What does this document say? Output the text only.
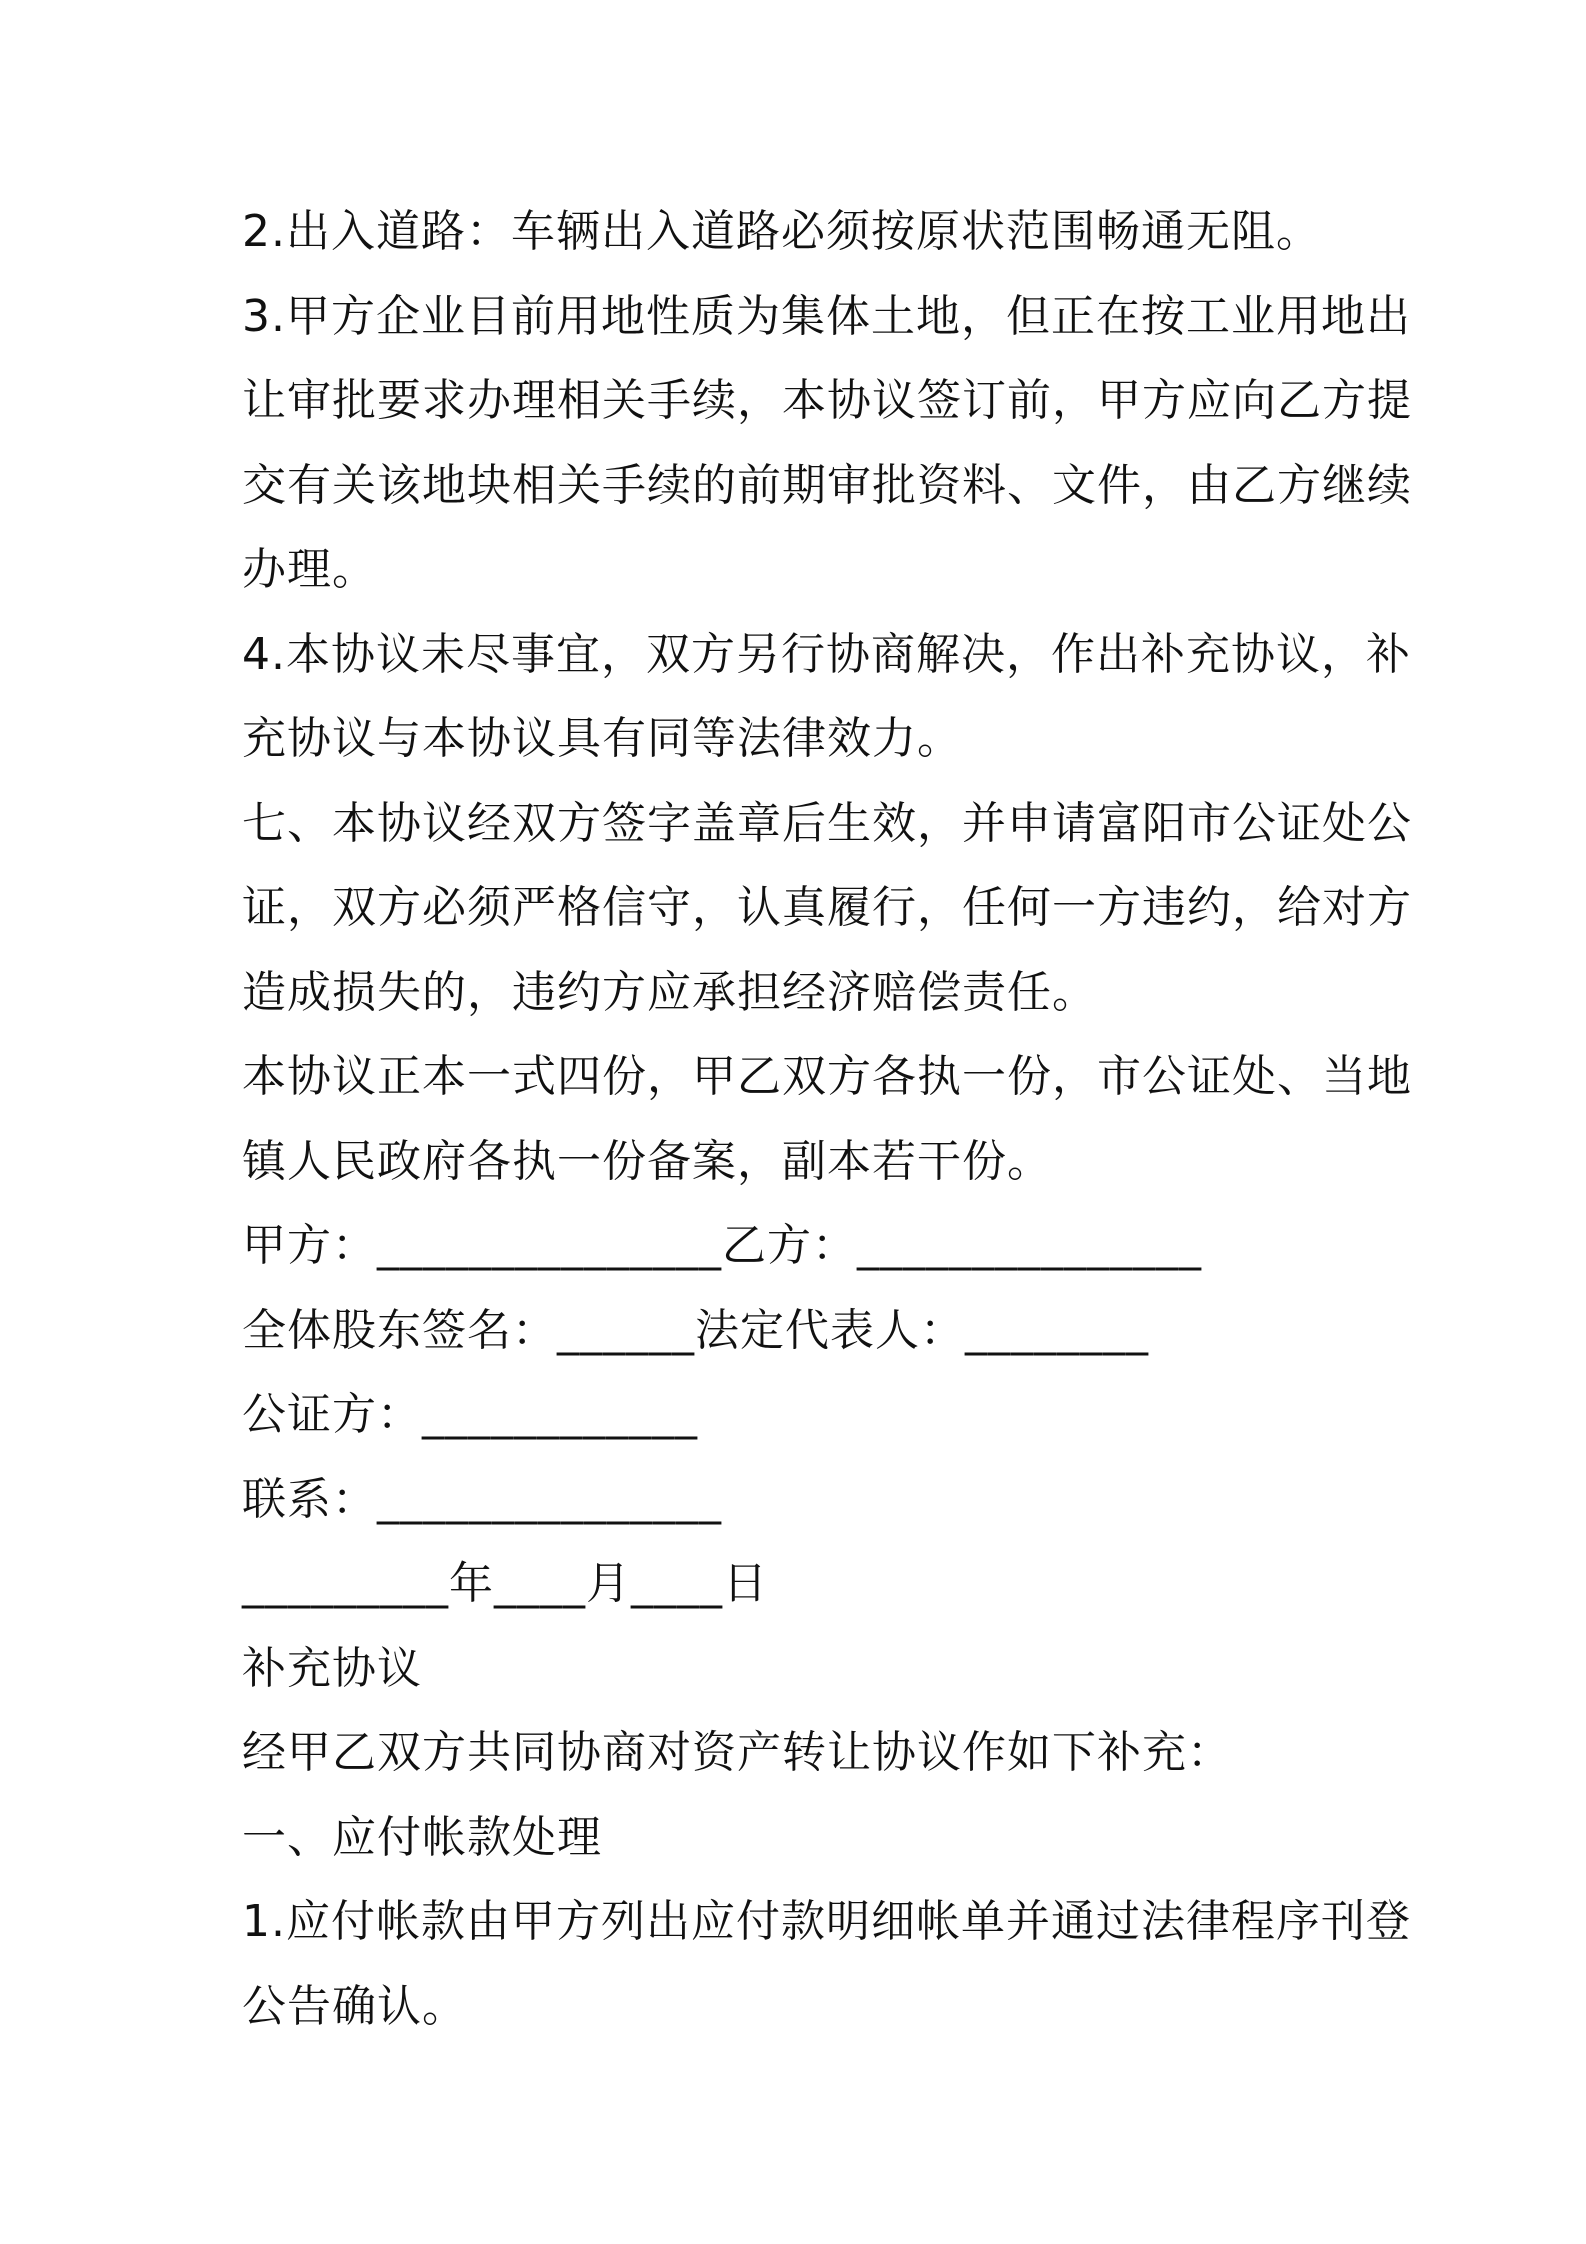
2.出入道路：车辆出入道路必须按原状范围畅通无阻。
3.甲方企业目前用地性质为集体土地，但正在按工业用地出
让审批要求办理相关手续，本协议签订前，甲方应向乙方提
交有关该地块相关手续的前期审批资料、文件，由乙方继续
办理。
4.本协议未尽事宜，双方另行协商解决，作出补充协议，补
充协议与本协议具有同等法律效力。
七、本协议经双方签字盖章后生效，并申请富阳市公证处公
证，双方必须严格信守，认真履行，任何一方违约，给对方
造成损失的，违约方应承担经济赔偿责任。
本协议正本一式四份，甲乙双方各执一份，市公证处、当地
镇人民政府各执一份备案，副本若干份。
甲方：_______________乙方：_______________
全体股东签名：______法定代表人：________
公证方：____________
联系：_______________
_________年____月____日
补充协议
经甲乙双方共同协商对资产转让协议作如下补充：
一、应付帐款处理
1.应付帐款由甲方列出应付款明细帐单并通过法律程序刊登
公告确认。
